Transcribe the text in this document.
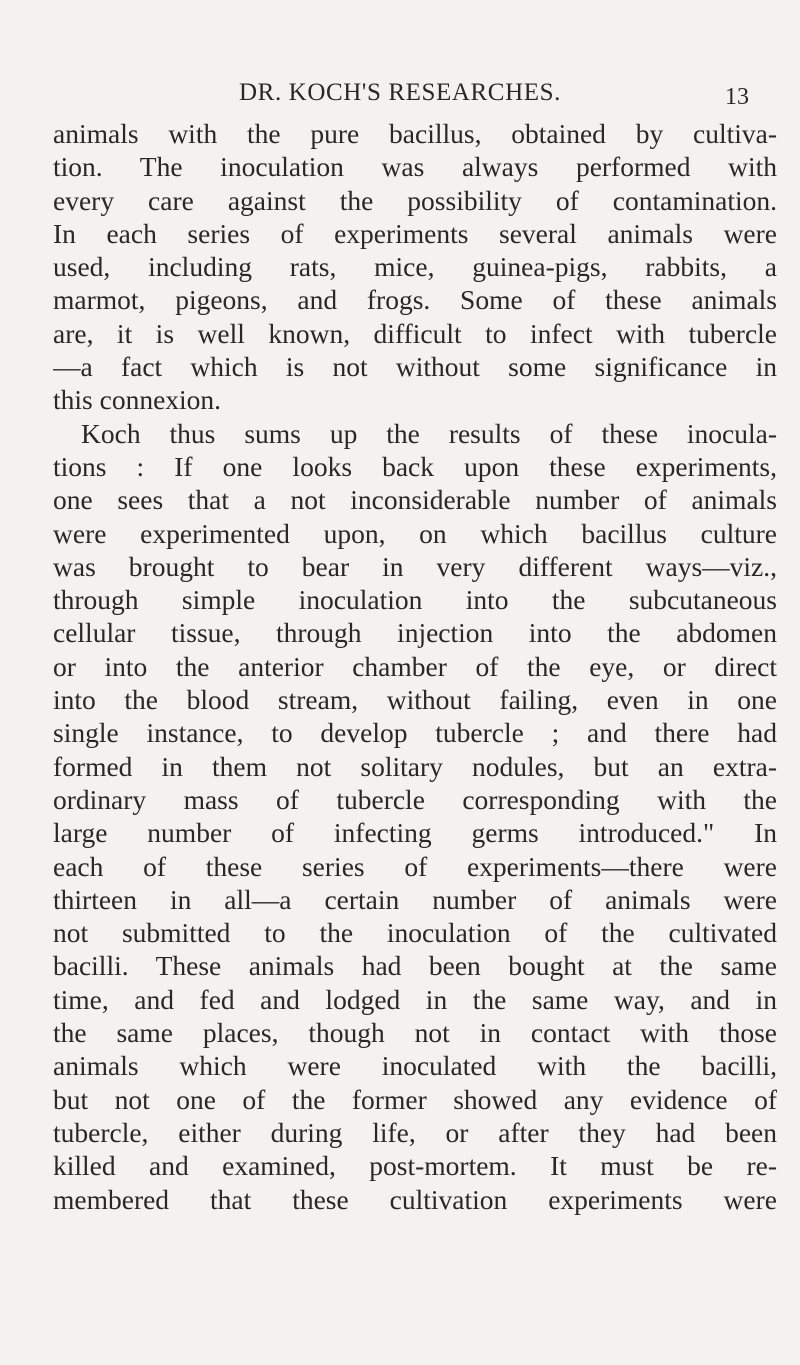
DR. KOCH'S RESEARCHES.	13
animals with the pure bacillus, obtained by cultiva-
tion. The inoculation was always performed with
every care against the possibility of contamination.
In each series of experiments several animals were
used, including rats, mice, guinea-pigs, rabbits, a
marmot, pigeons, and frogs. Some of these animals
are, it is well known, difficult to infect with tubercle
—a fact which is not without some significance in
this connexion.
Koch thus sums up the results of these inocula-
tions : If one looks back upon these experiments,
one sees that a not inconsiderable number of animals
were experimented upon, on which bacillus culture
was brought to bear in very different ways—viz.,
through simple inoculation into the subcutaneous
cellular tissue, through injection into the abdomen
or into the anterior chamber of the eye, or direct
into the blood stream, without failing, even in one
single instance, to develop tubercle ; and there had
formed in them not solitary nodules, but an extra-
ordinary mass of tubercle corresponding with the
large number of infecting germs introduced." In
each of these series of experiments—there were
thirteen in all—a certain number of animals were
not submitted to the inoculation of the cultivated
bacilli. These animals had been bought at the same
time, and fed and lodged in the same way, and in
the same places, though not in contact with those
animals which were inoculated with the bacilli,
but not one of the former showed any evidence of
tubercle, either during life, or after they had been
killed and examined, post-mortem. It must be re-
membered that these cultivation experiments were
